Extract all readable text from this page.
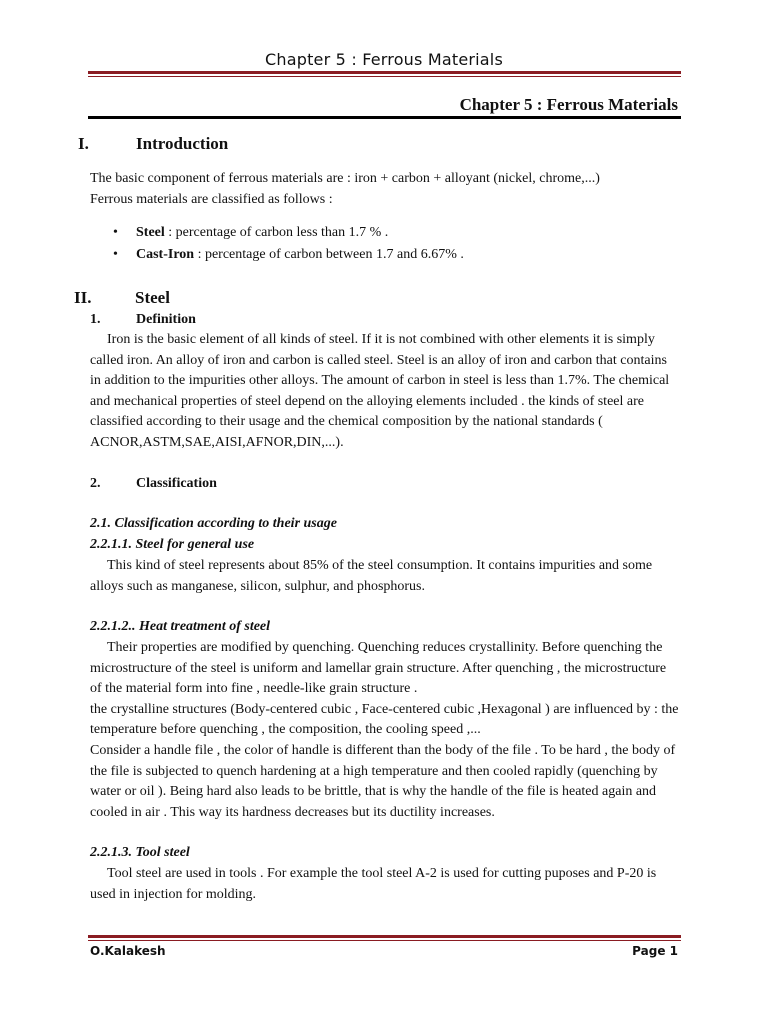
Chapter 5 : Ferrous Materials
Chapter 5 : Ferrous Materials
I.	Introduction
The basic component of ferrous materials are : iron + carbon + alloyant (nickel, chrome,...)
Ferrous materials are classified as follows :
• Steel : percentage of carbon less than 1.7 % .
• Cast-Iron : percentage of carbon between 1.7 and 6.67% .
II.	Steel
1.	Definition
Iron is the basic element of all kinds of steel. If it is not combined with other elements it is simply called iron. An alloy of iron and carbon is called steel. Steel is an alloy of iron and carbon that contains in addition to the impurities other alloys. The amount of carbon in steel is less than 1.7%. The chemical and mechanical properties of steel depend on the alloying elements included . the kinds of steel are classified according to their usage and the chemical composition by the national standards ( ACNOR,ASTM,SAE,AISI,AFNOR,DIN,...).
2.	Classification
2.1. Classification according to their usage
2.2.1.1. Steel for general use
This kind of steel represents about 85% of the steel consumption. It contains impurities and some alloys such as manganese, silicon, sulphur, and phosphorus.
2.2.1.2.. Heat treatment of steel
Their properties are modified by quenching. Quenching reduces crystallinity. Before quenching the microstructure of the steel is uniform and lamellar grain structure. After quenching , the microstructure of the material form into fine , needle-like grain structure .
the crystalline structures (Body-centered cubic , Face-centered cubic ,Hexagonal ) are influenced by : the temperature before quenching , the composition, the cooling speed ,...
Consider a handle file , the color of handle is different than the body of the file . To be hard , the body of the file is subjected to quench hardening at a high temperature and then cooled rapidly (quenching by water or oil ). Being hard also leads to be brittle, that is why the handle of the file is heated again and cooled in air . This way its hardness decreases but its ductility increases.
2.2.1.3. Tool steel
Tool steel are used in tools . For example the tool steel A-2 is used for cutting puposes and P-20 is used in injection for molding.
O.Kalakesh	Page 1
